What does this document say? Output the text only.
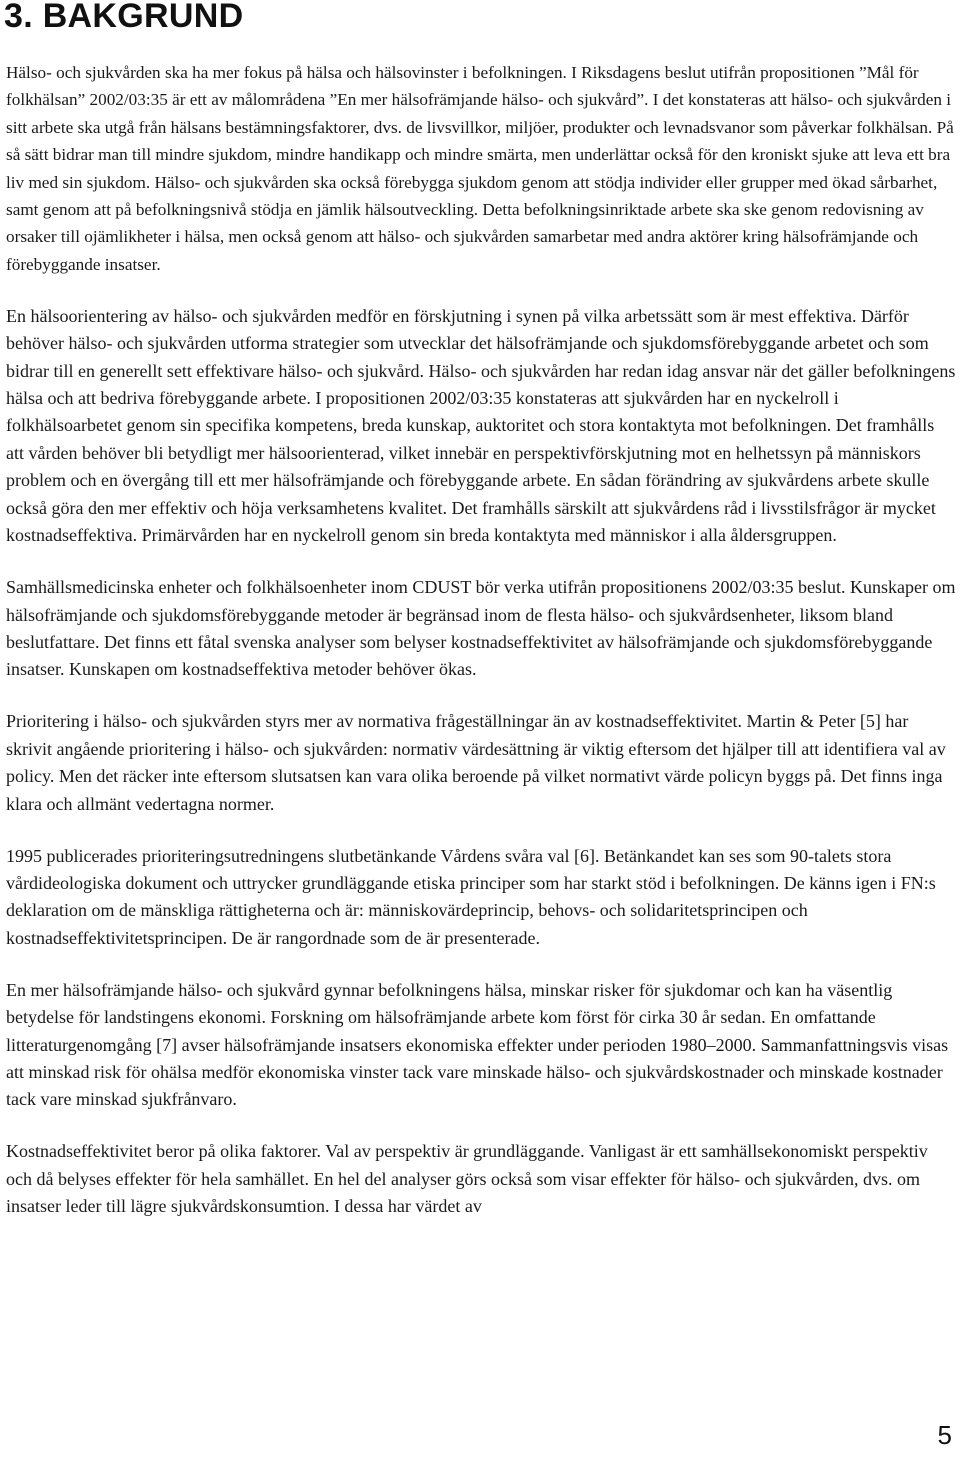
3. BAKGRUND

Hälso- och sjukvården ska ha mer fokus på hälsa och hälsovinster i befolkningen. I Riksdagens beslut utifrån propositionen ”Mål för folkhälsan” 2002/03:35 är ett av målområdena ”En mer hälsofrämjande hälso- och sjukvård”. I det konstateras att hälso- och sjukvården i sitt arbete ska utgå från hälsans bestämningsfaktorer, dvs. de livsvillkor, miljöer, produkter och levnadsvanor som påverkar folkhälsan. På så sätt bidrar man till mindre sjukdom, mindre handikapp och mindre smärta, men underlättar också för den kroniskt sjuke att leva ett bra liv med sin sjukdom. Hälso- och sjukvården ska också förebygga sjukdom genom att stödja individer eller grupper med ökad sårbarhet, samt genom att på befolkningsnivå stödja en jämlik hälsoutveckling. Detta befolkningsinriktade arbete ska ske genom redovisning av orsaker till ojämlikheter i hälsa, men också genom att hälso- och sjukvården samarbetar med andra aktörer kring hälsofrämjande och förebyggande insatser.

En hälsoorientering av hälso- och sjukvården medför en förskjutning i synen på vilka arbetssätt som är mest effektiva. Därför behöver hälso- och sjukvården utforma strategier som utvecklar det hälsofrämjande och sjukdomsförebyggande arbetet och som bidrar till en generellt sett effektivare hälso- och sjukvård. Hälso- och sjukvården har redan idag ansvar när det gäller befolkningens hälsa och att bedriva förebyggande arbete. I propositionen 2002/03:35 konstateras att sjukvården har en nyckelroll i folkhälsoarbetet genom sin specifika kompetens, breda kunskap, auktoritet och stora kontaktyta mot befolkningen. Det framhålls att vården behöver bli betydligt mer hälsoorienterad, vilket innebär en perspektivförskjutning mot en helhetssyn på människors problem och en övergång till ett mer hälsofrämjande och förebyggande arbete. En sådan förändring av sjukvårdens arbete skulle också göra den mer effektiv och höja verksamhetens kvalitet. Det framhålls särskilt att sjukvårdens råd i livsstilsfrågor är mycket kostnadseffektiva. Primärvården har en nyckelroll genom sin breda kontaktyta med människor i alla åldersgruppen.

Samhällsmedicinska enheter och folkhälsoenheter inom CDUST bör verka utifrån propositionens 2002/03:35 beslut. Kunskaper om hälsofrämjande och sjukdomsförebyggande metoder är begränsad inom de flesta hälso- och sjukvårdsenheter, liksom bland beslutfattare. Det finns ett fåtal svenska analyser som belyser kostnadseffektivitet av hälsofrämjande och sjukdomsförebyggande insatser. Kunskapen om kostnadseffektiva metoder behöver ökas.

Prioritering i hälso- och sjukvården styrs mer av normativa frågeställningar än av kostnadseffektivitet. Martin & Peter [5] har skrivit angående prioritering i hälso- och sjukvården: normativ värdesättning är viktig eftersom det hjälper till att identifiera val av policy. Men det räcker inte eftersom slutsatsen kan vara olika beroende på vilket normativt värde policyn byggs på. Det finns inga klara och allmänt vedertagna normer.

1995 publicerades prioriteringsutredningens slutbetänkande Vårdens svåra val [6]. Betänkandet kan ses som 90-talets stora vårdideologiska dokument och uttrycker grundläggande etiska principer som har starkt stöd i befolkningen. De känns igen i FN:s deklaration om de mänskliga rättigheterna och är: människovärdeprincip, behovs- och solidaritetsprincipen och kostnadseffektivitetsprincipen. De är rangordnade som de är presenterade.

En mer hälsofrämjande hälso- och sjukvård gynnar befolkningens hälsa, minskar risker för sjukdomar och kan ha väsentlig betydelse för landstingens ekonomi. Forskning om hälsofrämjande arbete kom först för cirka 30 år sedan. En omfattande litteraturgenomgång [7] avser hälsofrämjande insatsers ekonomiska effekter under perioden 1980–2000. Sammanfattningsvis visas att minskad risk för ohälsa medför ekonomiska vinster tack vare minskade hälso- och sjukvårdskostnader och minskade kostnader tack vare minskad sjukfrånvaro.

Kostnadseffektivitet beror på olika faktorer. Val av perspektiv är grundläggande. Vanligast är ett samhällsekonomiskt perspektiv och då belyses effekter för hela samhället. En hel del analyser görs också som visar effekter för hälso- och sjukvården, dvs. om insatser leder till lägre sjukvårdskonsumtion. I dessa har värdet av

5
